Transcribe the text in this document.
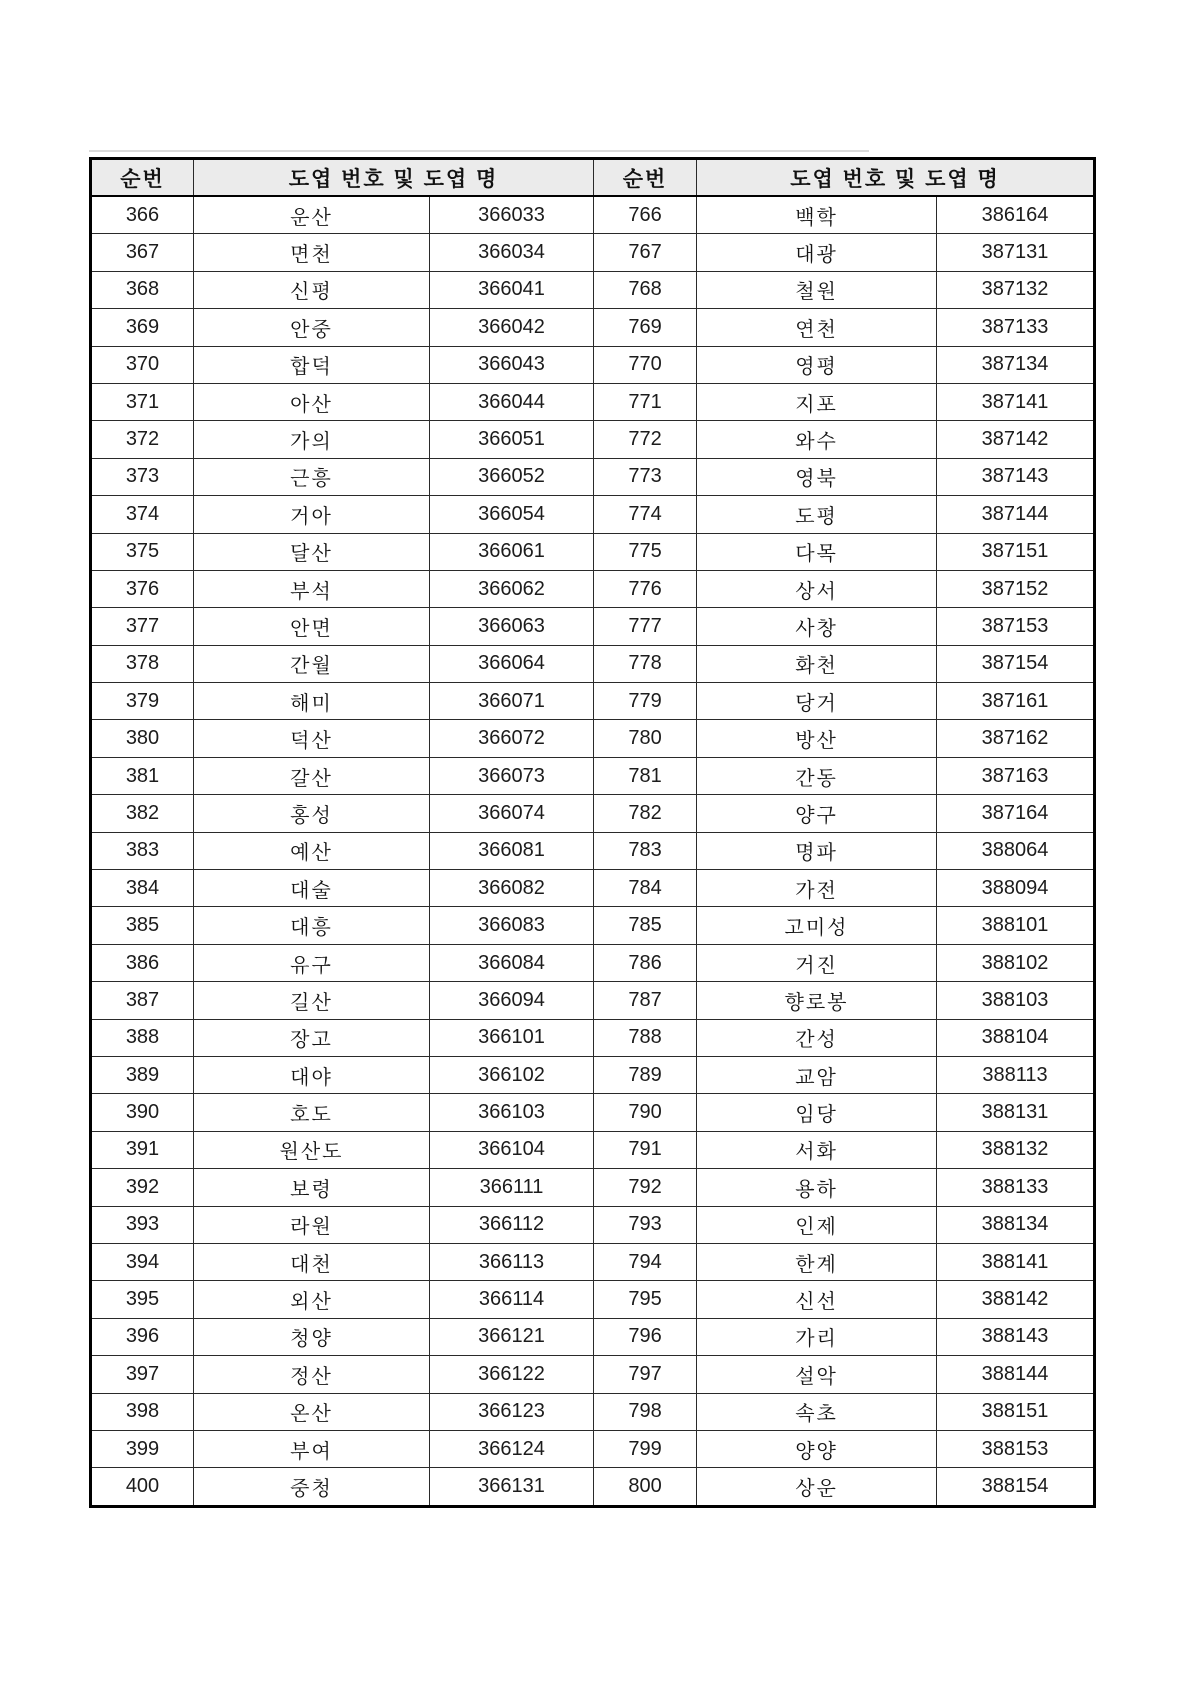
순번	도엽 번호 및 도엽 명		순번	도엽 번호 및 도엽 명	
366	운산	366033	766	백학	386164
367	면천	366034	767	대광	387131
368	신평	366041	768	철원	387132
369	안중	366042	769	연천	387133
370	합덕	366043	770	영평	387134
371	아산	366044	771	지포	387141
372	가의	366051	772	와수	387142
373	근흥	366052	773	영북	387143
374	거아	366054	774	도평	387144
375	달산	366061	775	다목	387151
376	부석	366062	776	상서	387152
377	안면	366063	777	사창	387153
378	간월	366064	778	화천	387154
379	해미	366071	779	당거	387161
380	덕산	366072	780	방산	387162
381	갈산	366073	781	간동	387163
382	홍성	366074	782	양구	387164
383	예산	366081	783	명파	388064
384	대술	366082	784	가전	388094
385	대흥	366083	785	고미성	388101
386	유구	366084	786	거진	388102
387	길산	366094	787	향로봉	388103
388	장고	366101	788	간성	388104
389	대야	366102	789	교암	388113
390	호도	366103	790	임당	388131
391	원산도	366104	791	서화	388132
392	보령	366111	792	용하	388133
393	라원	366112	793	인제	388134
394	대천	366113	794	한계	388141
395	외산	366114	795	신선	388142
396	청양	366121	796	가리	388143
397	정산	366122	797	설악	388144
398	온산	366123	798	속초	388151
399	부여	366124	799	양양	388153
400	중청	366131	800	상운	388154
